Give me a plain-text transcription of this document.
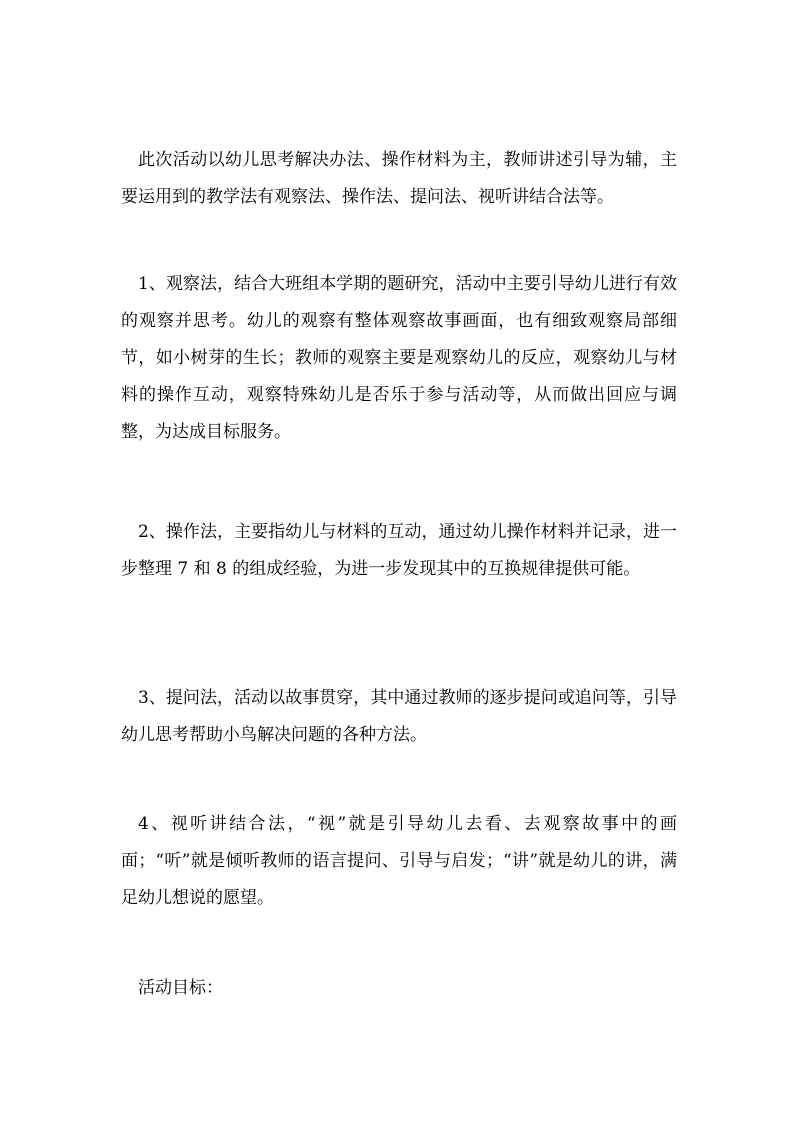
此次活动以幼儿思考解决办法、操作材料为主，教师讲述引导为辅，主要运用到的教学法有观察法、操作法、提问法、视听讲结合法等。

1、观察法，结合大班组本学期的题研究，活动中主要引导幼儿进行有效的观察并思考。幼儿的观察有整体观察故事画面，也有细致观察局部细节，如小树芽的生长；教师的观察主要是观察幼儿的反应，观察幼儿与材料的操作互动，观察特殊幼儿是否乐于参与活动等，从而做出回应与调整，为达成目标服务。

2、操作法，主要指幼儿与材料的互动，通过幼儿操作材料并记录，进一步整理 7 和 8 的组成经验，为进一步发现其中的互换规律提供可能。

3、提问法，活动以故事贯穿，其中通过教师的逐步提问或追问等，引导幼儿思考帮助小鸟解决问题的各种方法。

4、视听讲结合法，“视”就是引导幼儿去看、去观察故事中的画面；“听”就是倾听教师的语言提问、引导与启发；“讲”就是幼儿的讲，满足幼儿想说的愿望。

活动目标：
